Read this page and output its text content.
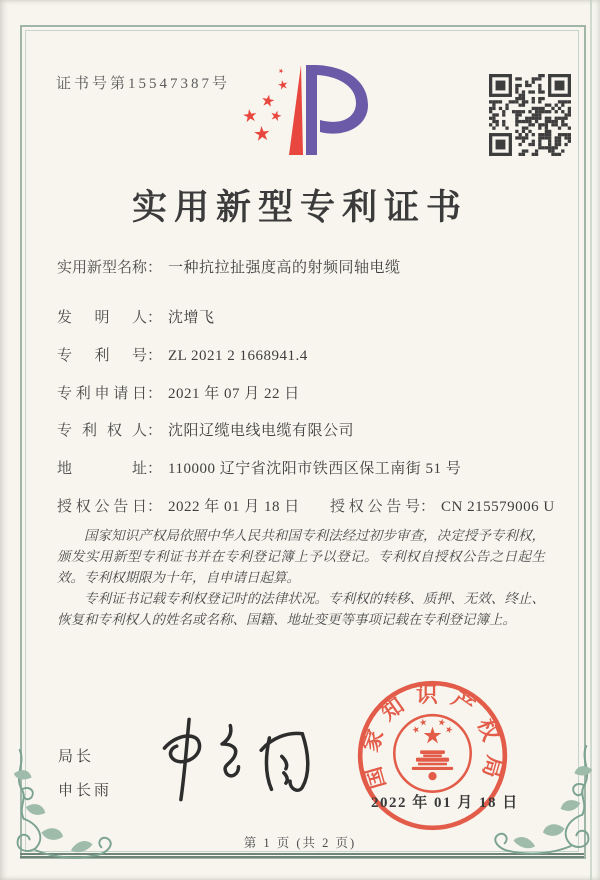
证书号第15547387号
实用新型专利证书
实用新型名称： 一种抗拉扯强度高的射频同轴电缆
发明人： 沈增飞
专利号： ZL 2021 2 1668941.4
专利申请日： 2021 年 07 月 22 日
专利权人： 沈阳辽缆电线电缆有限公司
地址： 110000 辽宁省沈阳市铁西区保工南街 51 号
授权公告日： 2022 年 01 月 18 日 授权公告号： CN 215579006 U

国家知识产权局依照中华人民共和国专利法经过初步审查，决定授予专利权，颁发实用新型专利证书并在专利登记簿上予以登记。专利权自授权公告之日起生效。专利权期限为十年，自申请日起算。

专利证书记载专利权登记时的法律状况。专利权的转移、质押、无效、终止、恢复和专利权人的姓名或名称、国籍、地址变更等事项记载在专利登记簿上。

局长
申长雨	国家知识产权局
2022 年 01 月 18 日
第 1 页 (共 2 页)
